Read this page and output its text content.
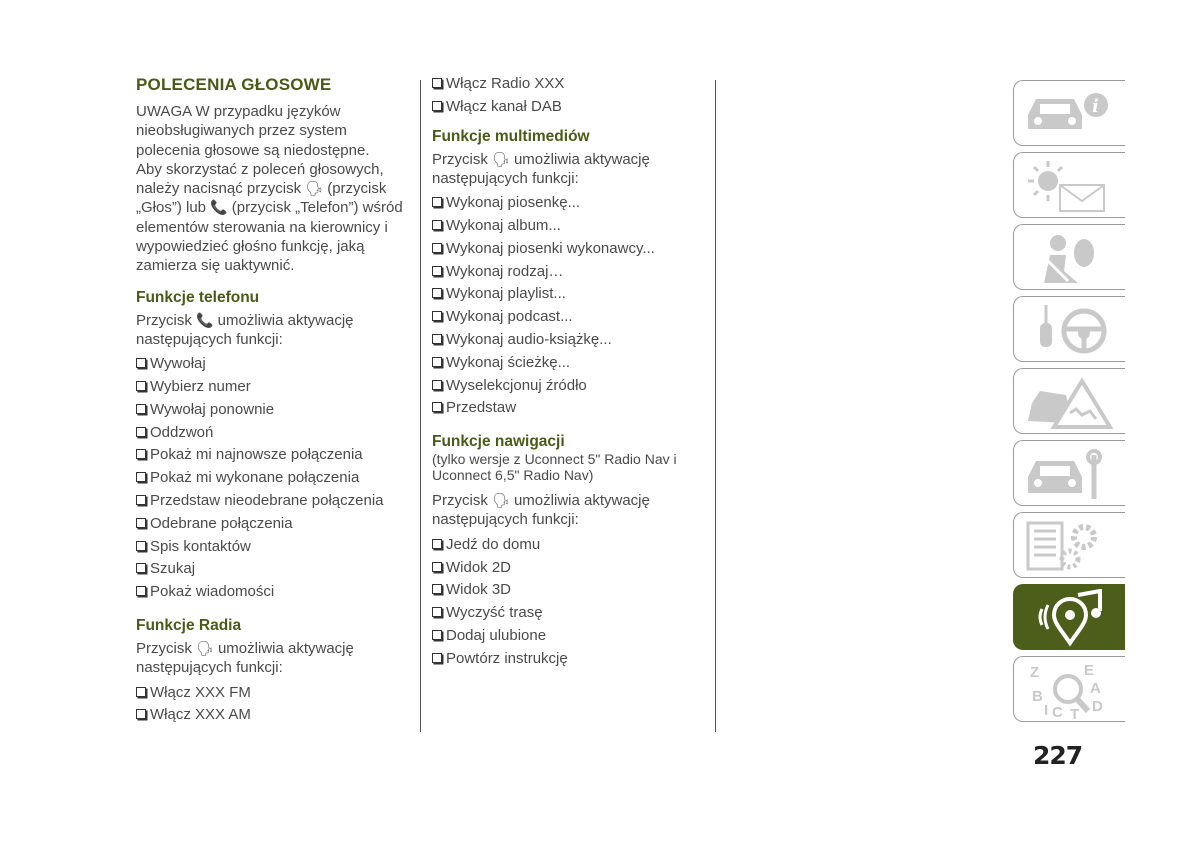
POLECENIA GŁOSOWE

UWAGA W przypadku języków
nieobsługiwanych przez system
polecenia głosowe są niedostępne.
Aby skorzystać z poleceń głosowych,
należy nacisnąć przycisk 🗣 (przycisk
„Głos”) lub 📞 (przycisk „Telefon”) wśród
elementów sterowania na kierownicy i
wypowiedzieć głośno funkcję, jaką
zamierza się uaktywnić.

Funkcje telefonu

Przycisk 📞 umożliwia aktywację
następujących funkcji:

Wywołaj
Wybierz numer
Wywołaj ponownie
Oddzwoń
Pokaż mi najnowsze połączenia
Pokaż mi wykonane połączenia
Przedstaw nieodebrane połączenia
Odebrane połączenia
Spis kontaktów
Szukaj
Pokaż wiadomości
Funkcje Radia

Przycisk 🗣 umożliwia aktywację
następujących funkcji:

Włącz XXX FM
Włącz XXX AM
Włącz Radio XXX
Włącz kanał DAB
Funkcje multimediów

Przycisk 🗣 umożliwia aktywację
następujących funkcji:

Wykonaj piosenkę...
Wykonaj album...
Wykonaj piosenki wykonawcy...
Wykonaj rodzaj…
Wykonaj playlist...
Wykonaj podcast...
Wykonaj audio-książkę...
Wykonaj ścieżkę...
Wyselekcjonuj źródło
Przedstaw
Funkcje nawigacji
(tylko wersje z Uconnect 5" Radio Nav i
Uconnect 6,5" Radio Nav)

Przycisk 🗣 umożliwia aktywację
następujących funkcji:

Jedź do domu
Widok 2D
Widok 3D
Wyczyść trasę
Dodaj ulubione
Powtórz instrukcję
i
Z	E
B	A
I C T D
227
